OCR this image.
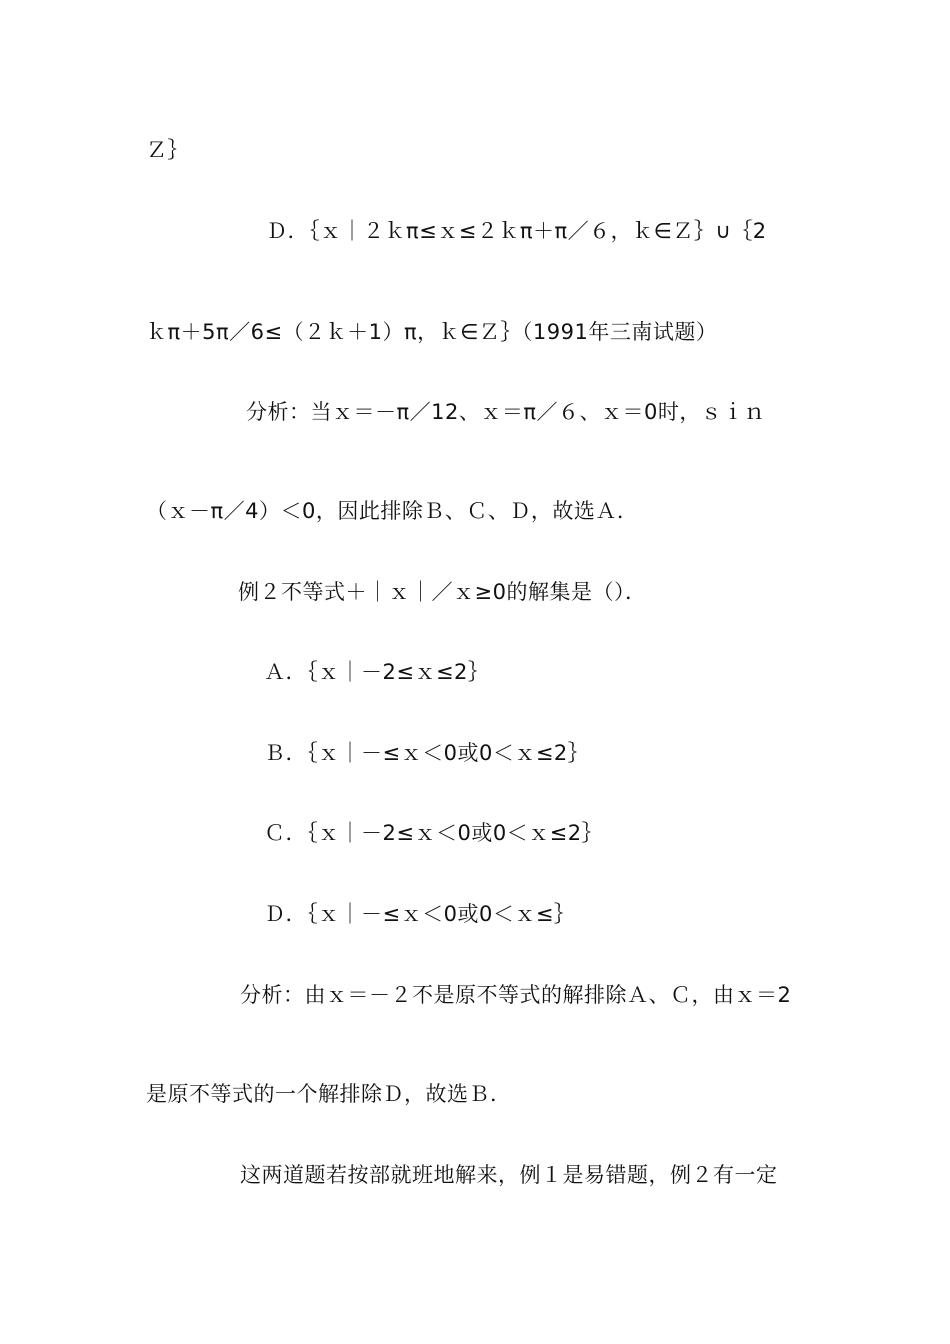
Ｚ｝
Ｄ．｛ｘ｜２ｋπ≤ｘ≤２ｋπ＋π／６，ｋ∈Ｚ｝∪｛2
ｋπ＋5π／6≤（２ｋ＋1）π，ｋ∈Ｚ｝（1991年三南试题）
分析：当ｘ＝－π／12、ｘ＝π／６、ｘ＝0时，ｓｉｎ
（ｘ－π／4）＜0，因此排除Ｂ、Ｃ、Ｄ，故选Ａ．
例２不等式＋｜ｘ｜／ｘ≥0的解集是（）．
Ａ．｛ｘ｜－2≤ｘ≤2｝
Ｂ．｛ｘ｜－≤ｘ＜0或0＜ｘ≤2｝
Ｃ．｛ｘ｜－2≤ｘ＜0或0＜ｘ≤2｝
Ｄ．｛ｘ｜－≤ｘ＜0或0＜ｘ≤｝
分析：由ｘ＝－２不是原不等式的解排除Ａ、Ｃ，由ｘ＝2
是原不等式的一个解排除Ｄ，故选Ｂ．
这两道题若按部就班地解来，例１是易错题，例２有一定
